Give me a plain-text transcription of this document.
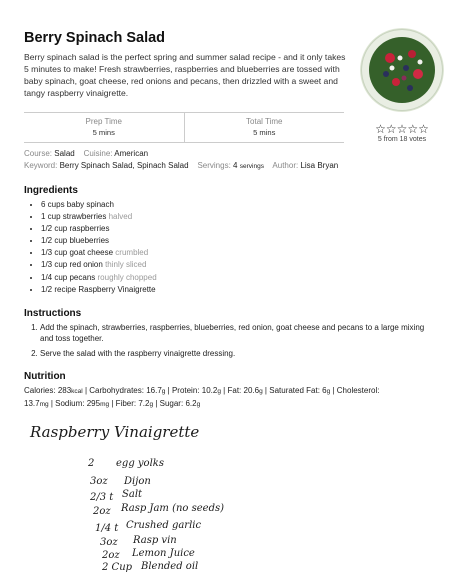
Berry Spinach Salad

Berry spinach salad is the perfect spring and summer salad recipe - and it only takes 5 minutes to make! Fresh strawberries, raspberries and blueberries are tossed with baby spinach, goat cheese, red onions and pecans, then drizzled with a sweet and tangy raspberry vinaigrette.

☆☆☆☆☆
5 from 18 votes
Prep Time
5 mins
Total Time
5 mins
Course: Salad Cuisine: American
Keyword: Berry Spinach Salad, Spinach Salad Servings: 4 servings Author: Lisa Bryan
Ingredients
• 6 cups baby spinach
• 1 cup strawberries halved
• 1/2 cup raspberries
• 1/2 cup blueberries
• 1/3 cup goat cheese crumbled
• 1/3 cup red onion thinly sliced
• 1/4 cup pecans roughly chopped
• 1/2 recipe Raspberry Vinaigrette
Instructions
1. Add the spinach, strawberries, raspberries, blueberries, red onion, goat cheese and pecans to a large mixing and toss together.
2. Serve the salad with the raspberry vinaigrette dressing.
Nutrition
Calories: 283kcal | Carbohydrates: 16.7g | Protein: 10.2g | Fat: 20.6g | Saturated Fat: 6g | Cholesterol:
13.7mg | Sodium: 295mg | Fiber: 7.2g | Sugar: 6.2g
Raspberry Vinaigrette
2 egg yolks
3oz Dijon
2/3 t Salt
2oz Rasp Jam (no seeds)
1/4 t Crushed garlic
3oz Rasp vin
2oz Lemon Juice
2 Cup Blended oil
